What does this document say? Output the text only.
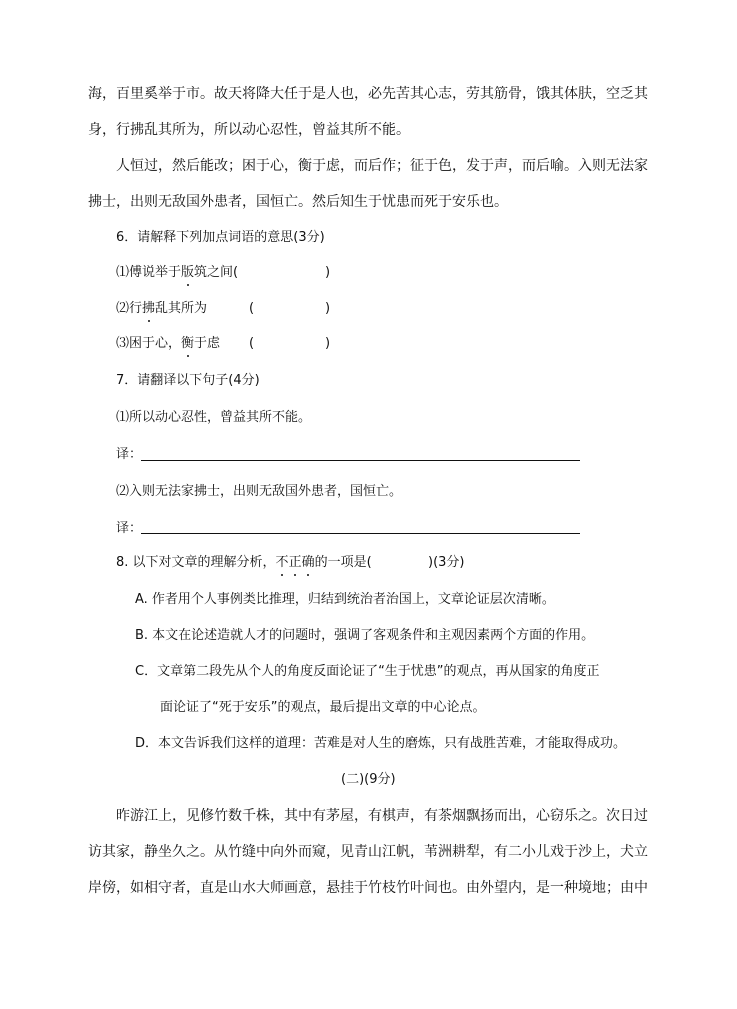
海，百里奚举于市。故天将降大任于是人也，必先苦其心志，劳其筋骨，饿其体肤，空乏其
身，行拂乱其所为，所以动心忍性，曾益其所不能。
人恒过，然后能改；困于心，衡于虑，而后作；征于色，发于声，而后喻。入则无法家
拂士，出则无敌国外患者，国恒亡。然后知生于忧患而死于安乐也。
6．请解释下列加点词语的意思(3分)
⑴傅说举于版筑之间(	)
⑵行拂乱其所为	(	)
⑶困于心，衡于虑 (	)
7．请翻译以下句子(4分)
⑴所以动心忍性，曾益其所不能。
译：
⑵入则无法家拂士，出则无敌国外患者，国恒亡。
译：
8. 以下对文章的理解分析，不正确的一项是(	)(3分)
A. 作者用个人事例类比推理，归结到统治者治国上，文章论证层次清晰。
B. 本文在论述造就人才的问题时，强调了客观条件和主观因素两个方面的作用。
C．文章第二段先从个人的角度反面论证了“生于忧患”的观点，再从国家的角度正
面论证了“死于安乐”的观点，最后提出文章的中心论点。
D．本文告诉我们这样的道理：苦难是对人生的磨炼，只有战胜苦难，才能取得成功。
(二)(9分)
昨游江上，见修竹数千株，其中有茅屋，有棋声，有茶烟飘扬而出，心窃乐之。次日过
访其家，静坐久之。从竹缝中向外而窥，见青山江帆，苇洲耕犁，有二小儿戏于沙上，犬立
岸傍，如相守者，直是山水大师画意，悬挂于竹枝竹叶间也。由外望内，是一种境地；由中
